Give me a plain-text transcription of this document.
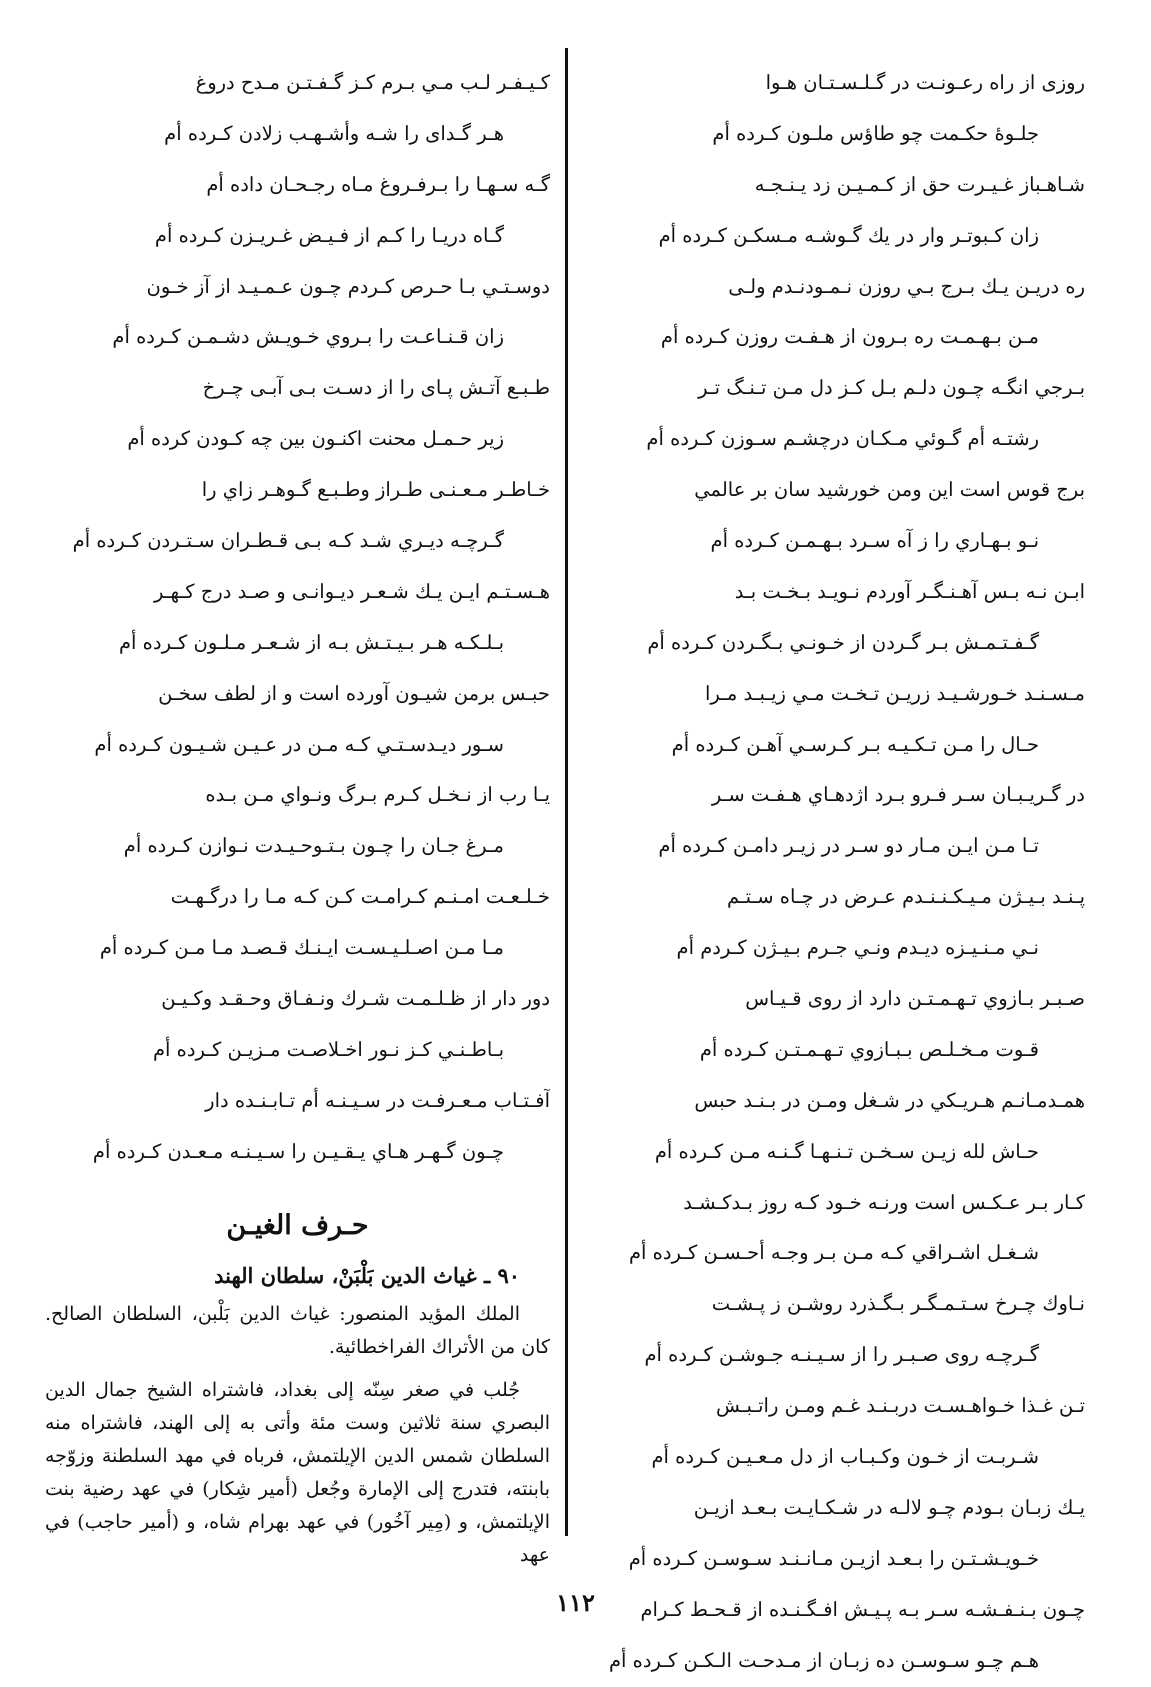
روزی از راه رعـونـت در گـلـسـتـان هـوا
جلـوهٔ حكـمت چو طاؤس ملـون كـرده أم
شـاهـباز غـيـرت حق از كـمـيـن زد يـنـجـه
زان كـبوتـر وار در يك گـوشـه مـسكـن كـرده أم
ره دريـن يـك بـرج بـي روزن نـمـودنـدم ولـى
مـن بـهـمـت ره بـرون از هـفـت روزن كـرده أم
بـرجي انگـه چـون دلـم بـل كـز دل مـن تـنـگ تـر
رشتـه أم گـوئي مـكـان درچشـم سـوزن كـرده أم
برج قوس است اين ومن خورشيد سان بر عالمي
نـو بـهـاري را ز آه سـرد بـهـمـن كـرده أم
ابـن نـه بـس آهـنـگـر آوردم نـويـد بـخـت بـد
گـفـتـمـش بـر گـردن از خـونـي بـگـردن كـرده أم
مـسـنـد خـورشـيـد زريـن تـخـت مـي زيـبـد مـرا
حـال را مـن تـكـيـه بـر كـرسـي آهـن كـرده أم
در گـريـبـان سـر فـرو بـرد اژدهـاي هـفـت سـر
تـا مـن ايـن مـار دو سـر در زيـر دامـن كـرده أم
پـنـد بـيـژن مـيـكـنـنـدم عـرض در چـاه سـتـم
نـي مـنـيـزه ديـدم ونـي جـرم بـيـژن كـردم أم
صـبـر بـازوي تـهـمـتـن دارد از روى قـيـاس
قـوت مـخـلـص بـبـازوي تـهـمـتـن كـرده أم
همـدمـانـم هـريـكي در شـغل ومـن در بـنـد حبس
حـاش لله زيـن سـخـن تـنـهـا گـنـه مـن كـرده أم
كـار بـر عـكـس است ورنـه خـود كـه روز بـدكـشـد
شـغـل اشـراقي كـه مـن بـر وجـه أحـسـن كـرده أم
نـاوك چـرخ سـتـمـگـر بـگـذرد روشـن ز پـشـت
گـرچـه روى صـبـر را از سـيـنـه جـوشـن كـرده أم
تـن غـذا خـواهـسـت دربـنـد غـم ومـن راتـبـش
شـربـت از خـون وكـبـاب از دل مـعـيـن كـرده أم
يـك زبـان بـودم چـو لالـه در شـكـايـت بـعـد ازيـن
خـويـشـتـن را بـعـد ازيـن مـانـنـد سـوسـن كـرده أم
چـون بـنـفـشـه سـر بـه پـيـش افـگـنـده از قـحـط كـرام
هـم چـو سـوسـن ده زبـان از مـدحـت الـكـن كـرده أم
كـيـفـر لـب مـي بـرم كـز گـفـتـن مـدح دروغ
هـر گـداى را شـه وأشـهـب زلادن كـرده أم
گـه سـهـا را بـرفـروغ مـاه رجـحـان داده أم
گـاه دريـا را كـم از فـيـض غـريـزن كـرده أم
دوسـتـي بـا حـرص كـردم چـون عـمـيـد از آز خـون
زان قـنـاعـت را بـروي خـويـش دشـمـن كـرده أم
طـبـع آتـش پـاى را از دسـت بـى آبـى چـرخ
زير حـمـل محنت اكنـون بين چه كـودن كرده أم
خـاطـر مـعـنـى طـراز وطـبـع گـوهـر زاي را
گـرچـه ديـري شـد كـه بـى قـطـران سـتـردن كـرده أم
هـسـتـم ايـن يـك شـعـر ديـوانـى و صـد درج كـهـر
بـلـكـه هـر بـيـتـش بـه از شـعـر مـلـون كـرده أم
حبـس برمن شيـون آورده است و از لطف سخـن
سـور ديـدسـتـي كـه مـن در عـيـن شـيـون كـرده أم
يـا رب از نـخـل كـرم بـرگ ونـواي مـن بـده
مـرغ جـان را چـون بـتـوحـيـدت نـوازن كـرده أم
خـلـعـت امـنـم كـرامـت كـن كـه مـا را درگـهـت
مـا مـن اصـلـيـسـت ايـنـك قـصـد مـا مـن كـرده أم
دور دار از ظـلـمـت شـرك ونـفـاق وحـقـد وكـيـن
بـاطـنـي كـز نـور اخـلاصـت مـزيـن كـرده أم
آفـتـاب مـعـرفـت در سـيـنـه أم تـابـنـده دار
چـون گـهـر هـاي يـقـيـن را سـيـنـه مـعـدن كـرده أم
حـرف الغيـن
٩٠ ـ غياث الدين بَلْبَنْ، سلطان الهند

الملك المؤيد المنصور: غياث الدين بَلْبن، السلطان الصالح. كان من الأتراك الفراخطائية.

جُلب في صغر سِنّه إلى بغداد، فاشتراه الشيخ جمال الدين البصري سنة ثلاثين وست مئة وأتى به إلى الهند، فاشتراه منه السلطان شمس الدين الإيلتمش، فرباه في مهد السلطنة وزوّجه بابنته، فتدرج إلى الإمارة وجُعل (أمير شِكار) في عهد رضية بنت الإيلتمش، و (مِير آخُور) في عهد بهرام شاه، و (أمير حاجب) في عهد

١١٢
